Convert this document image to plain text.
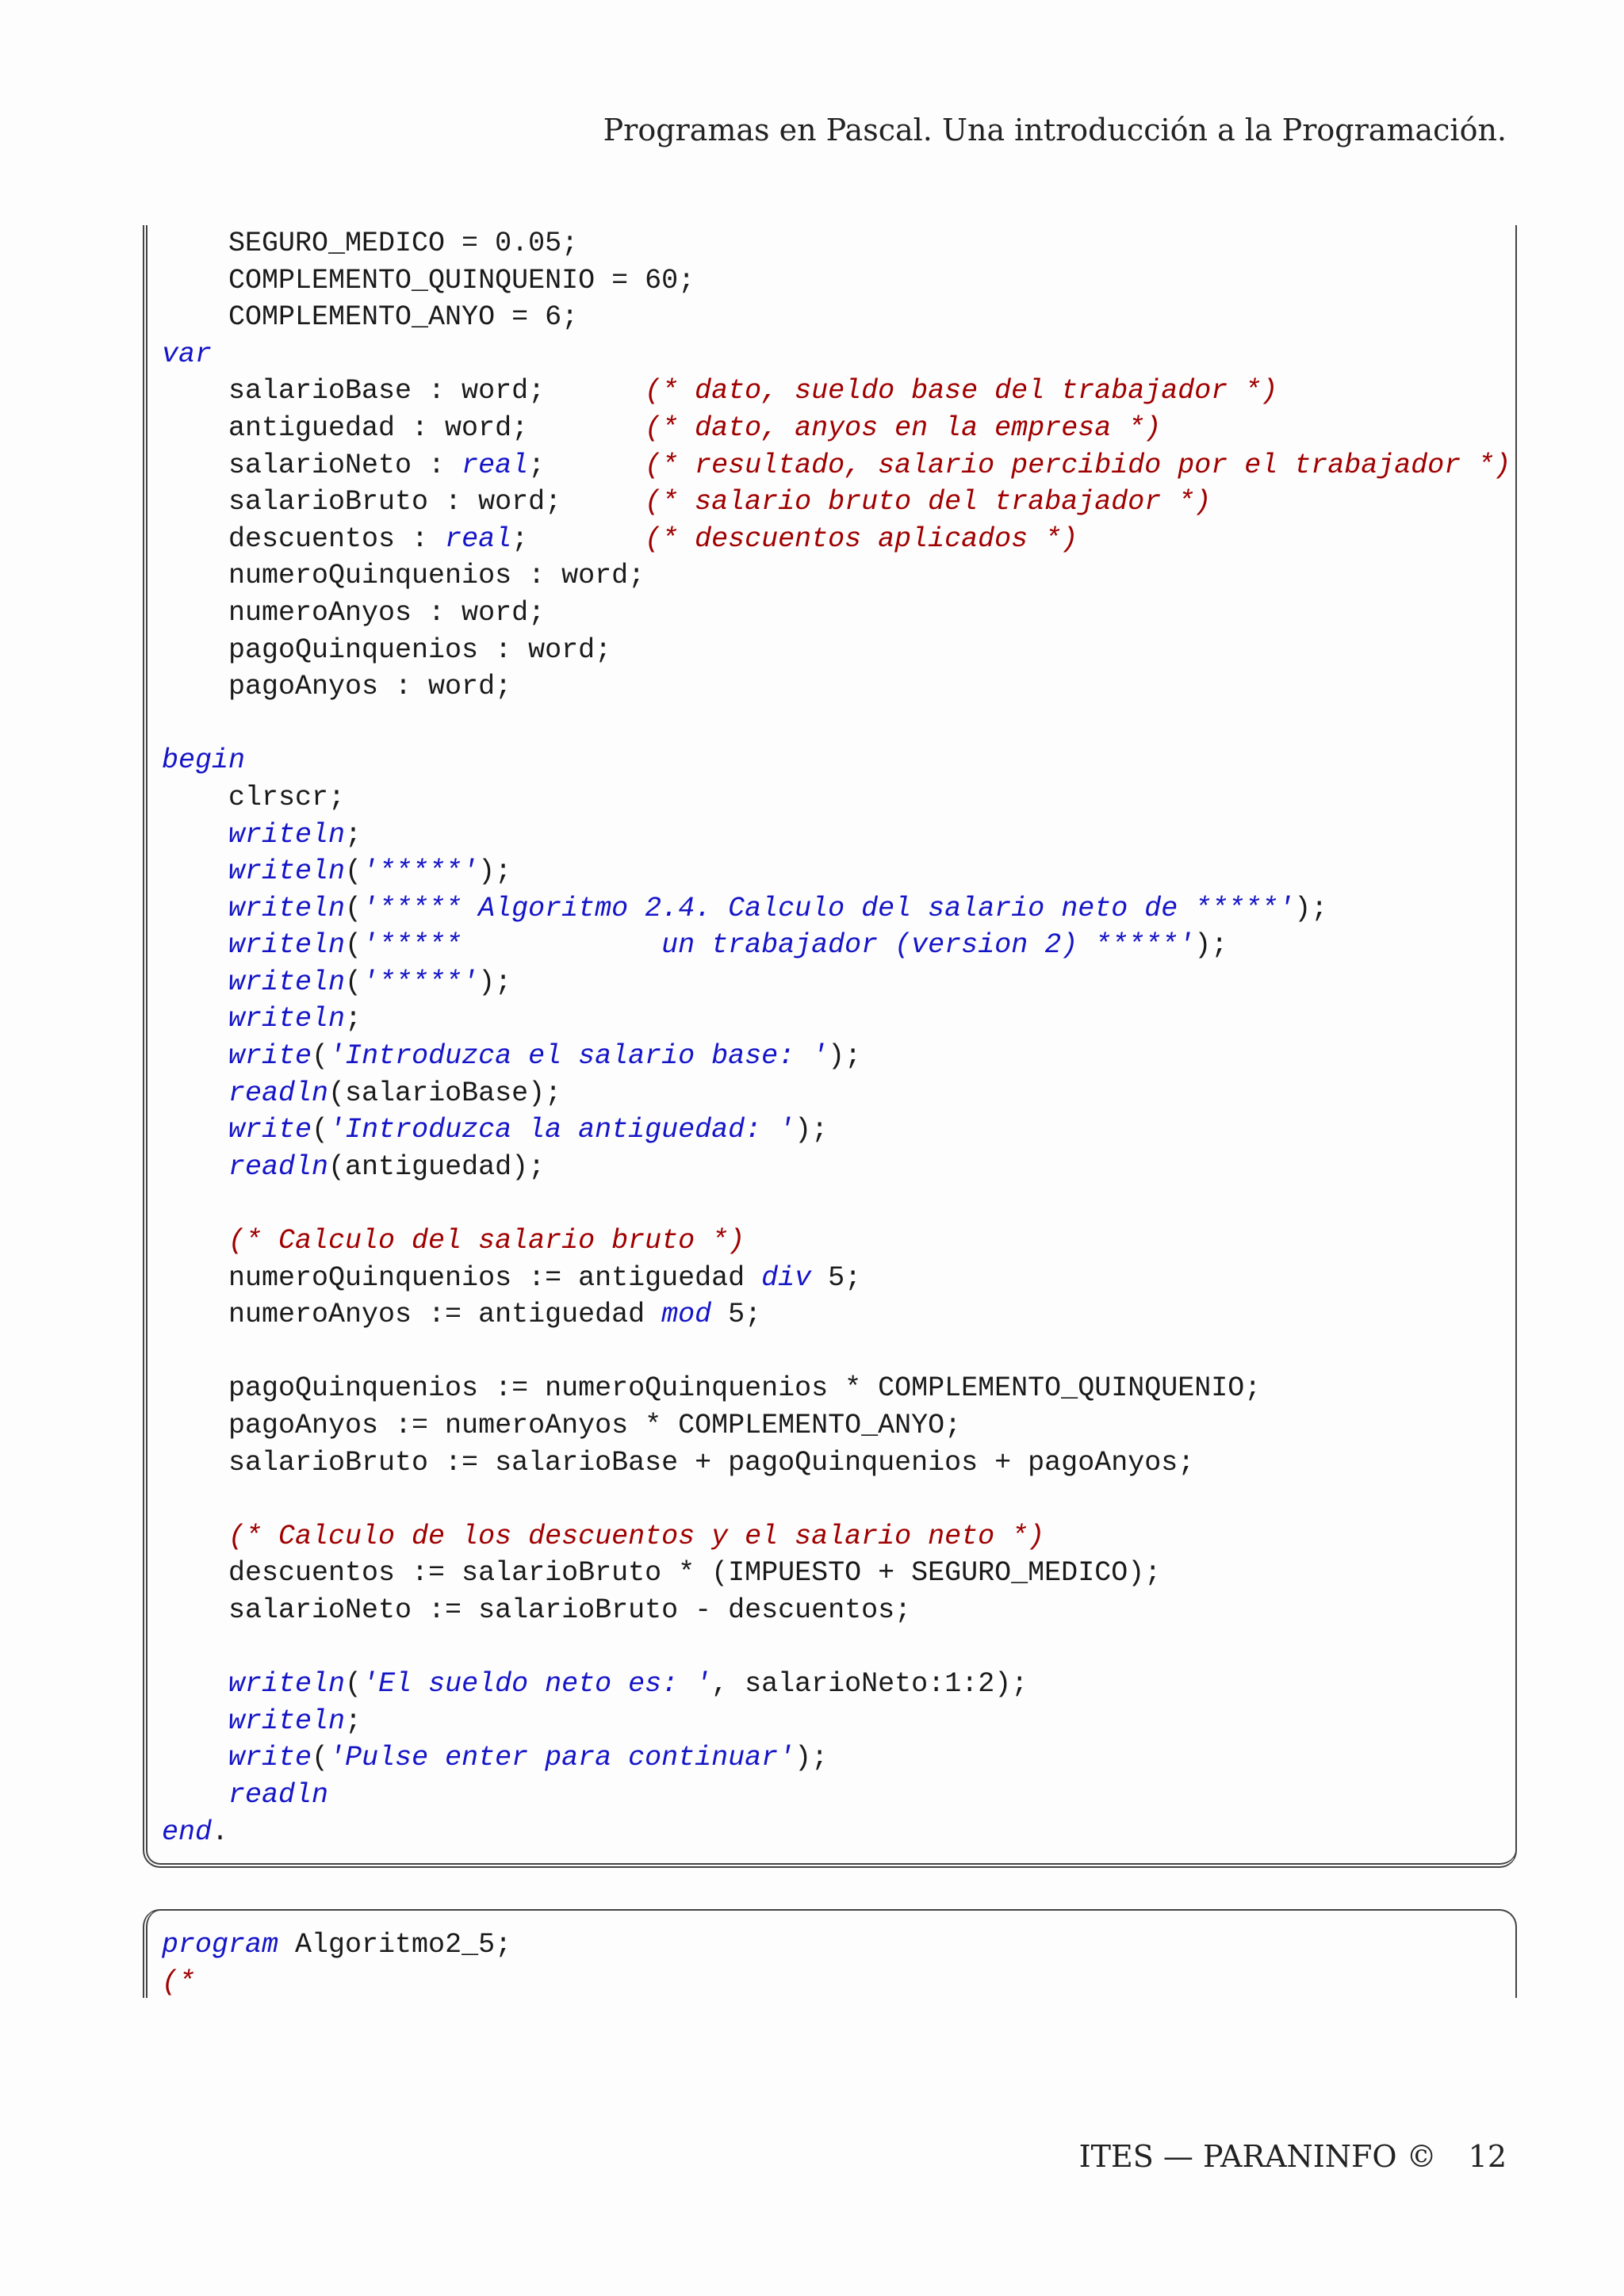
Programas en Pascal. Una introducción a la Programación.
SEGURO_MEDICO = 0.05;
COMPLEMENTO_QUINQUENIO = 60;
COMPLEMENTO_ANYO = 6;
var
salarioBase : word;      (* dato, sueldo base del trabajador *)
antiguedad : word;       (* dato, anyos en la empresa *)
salarioNeto : real;      (* resultado, salario percibido por el trabajador *)
salarioBruto : word;     (* salario bruto del trabajador *)
descuentos : real;       (* descuentos aplicados *)
numeroQuinquenios : word;
numeroAnyos : word;
pagoQuinquenios : word;
pagoAnyos : word;
begin
clrscr;
writeln;
writeln('*****');
writeln('***** Algoritmo 2.4. Calculo del salario neto de *****');
writeln('*****            un trabajador (version 2) *****');
writeln('*****');
writeln;
write('Introduzca el salario base: ');
readln(salarioBase);
write('Introduzca la antiguedad: ');
readln(antiguedad);
(* Calculo del salario bruto *)
numeroQuinquenios := antiguedad div 5;
numeroAnyos := antiguedad mod 5;
pagoQuinquenios := numeroQuinquenios * COMPLEMENTO_QUINQUENIO;
pagoAnyos := numeroAnyos * COMPLEMENTO_ANYO;
salarioBruto := salarioBase + pagoQuinquenios + pagoAnyos;
(* Calculo de los descuentos y el salario neto *)
descuentos := salarioBruto * (IMPUESTO + SEGURO_MEDICO);
salarioNeto := salarioBruto - descuentos;
writeln('El sueldo neto es: ', salarioNeto:1:2);
writeln;
write('Pulse enter para continuar');
readln
end.
program Algoritmo2_5;
(*
ITES — PARANINFO © 12
